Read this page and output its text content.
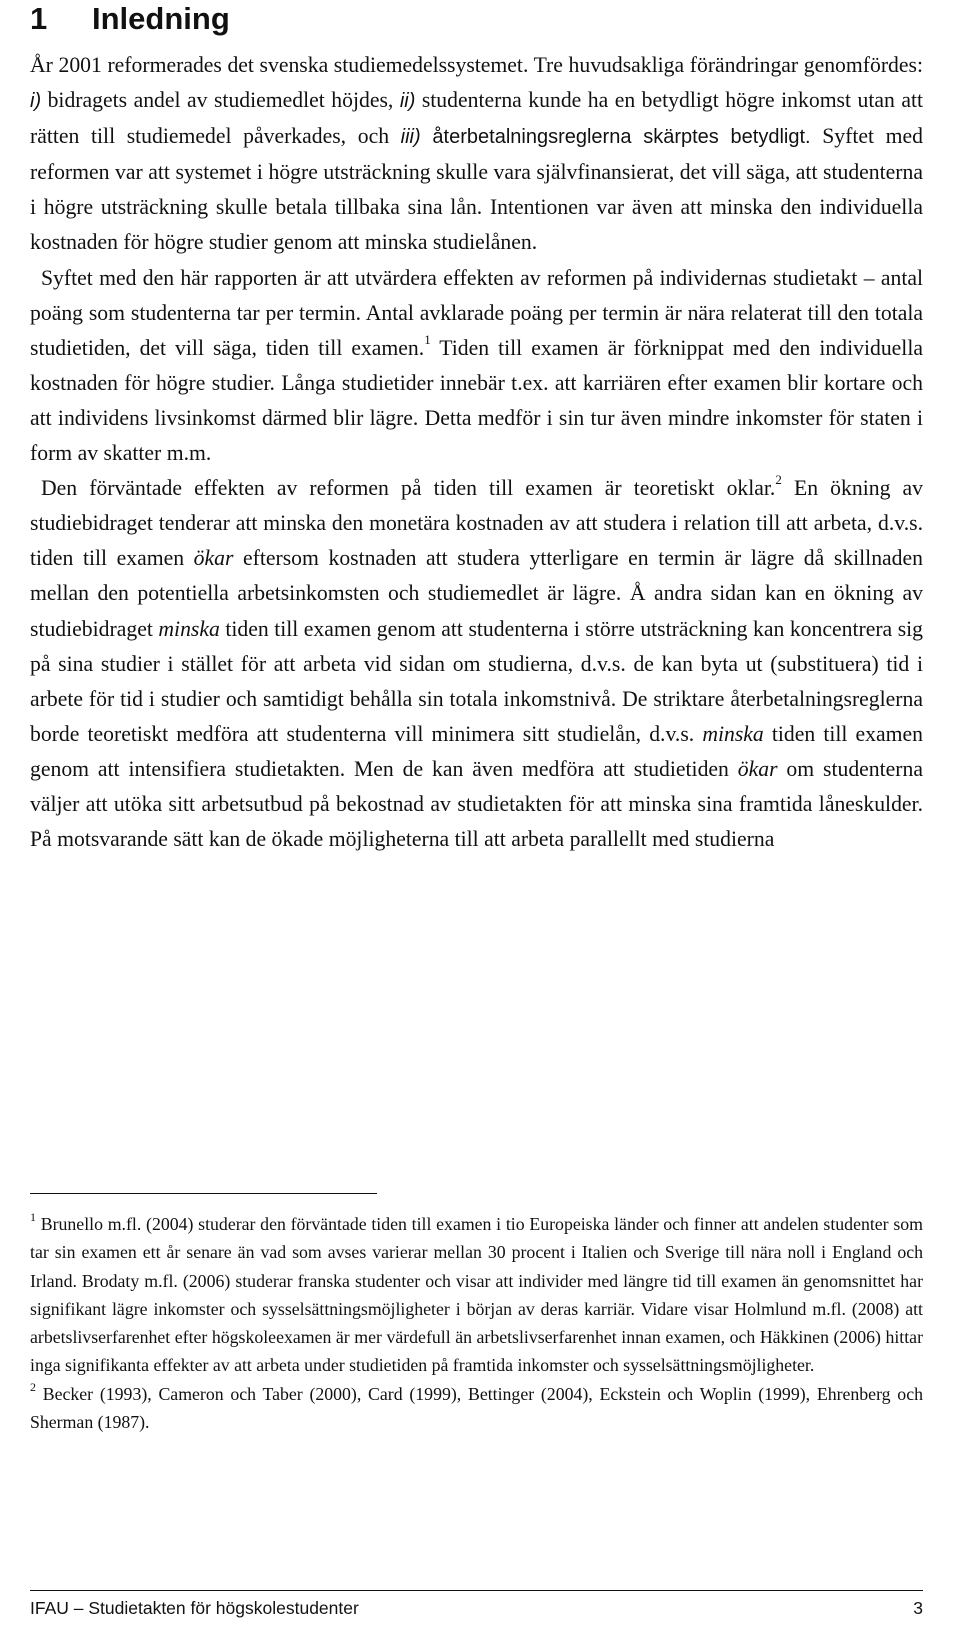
1 Inledning

År 2001 reformerades det svenska studiemedelssystemet. Tre huvudsakliga förändringar genomfördes: i) bidragets andel av studiemedlet höjdes, ii) studenterna kunde ha en betydligt högre inkomst utan att rätten till studiemedel påverkades, och iii) återbetalningsreglerna skärptes betydligt. Syftet med reformen var att systemet i högre utsträckning skulle vara självfinansierat, det vill säga, att studenterna i högre utsträckning skulle betala tillbaka sina lån. Intentionen var även att minska den individuella kostnaden för högre studier genom att minska studielånen.

Syftet med den här rapporten är att utvärdera effekten av reformen på individernas studietakt – antal poäng som studenterna tar per termin. Antal avklarade poäng per termin är nära relaterat till den totala studietiden, det vill säga, tiden till examen.$^1$ Tiden till examen är förknippat med den individuella kostnaden för högre studier. Långa studietider innebär t.ex. att karriären efter examen blir kortare och att individens livsinkomst därmed blir lägre. Detta medför i sin tur även mindre inkomster för staten i form av skatter m.m.

Den förväntade effekten av reformen på tiden till examen är teoretiskt oklar.$^2$ En ökning av studiebidraget tenderar att minska den monetära kostnaden av att studera i relation till att arbeta, d.v.s. tiden till examen ökar eftersom kostnaden att studera ytterligare en termin är lägre då skillnaden mellan den potentiella arbetsinkomsten och studiemedlet är lägre. Å andra sidan kan en ökning av studiebidraget minska tiden till examen genom att studenterna i större utsträckning kan koncentrera sig på sina studier i stället för att arbeta vid sidan om studierna, d.v.s. de kan byta ut (substituera) tid i arbete för tid i studier och samtidigt behålla sin totala inkomstnivå. De striktare återbetalningsreglerna borde teoretiskt medföra att studenterna vill minimera sitt studielån, d.v.s. minska tiden till examen genom att intensifiera studietakten. Men de kan även medföra att studietiden ökar om studenterna väljer att utöka sitt arbetsutbud på bekostnad av studietakten för att minska sina framtida låneskulder. På motsvarande sätt kan de ökade möjligheterna till att arbeta parallellt med studierna

$^1$ Brunello m.fl. (2004) studerar den förväntade tiden till examen i tio Europeiska länder och finner att andelen studenter som tar sin examen ett år senare än vad som avses varierar mellan 30 procent i Italien och Sverige till nära noll i England och Irland. Brodaty m.fl. (2006) studerar franska studenter och visar att individer med längre tid till examen än genomsnittet har signifikant lägre inkomster och sysselsättningsmöjligheter i början av deras karriär. Vidare visar Holmlund m.fl. (2008) att arbetslivserfarenhet efter högskoleexamen är mer värdefull än arbetslivserfarenhet innan examen, och Häkkinen (2006) hittar inga signifikanta effekter av att arbeta under studietiden på framtida inkomster och sysselsättningsmöjligheter.

$^2$ Becker (1993), Cameron och Taber (2000), Card (1999), Bettinger (2004), Eckstein och Woplin (1999), Ehrenberg och Sherman (1987).

IFAU – Studietakten för högskolestudenter	3
